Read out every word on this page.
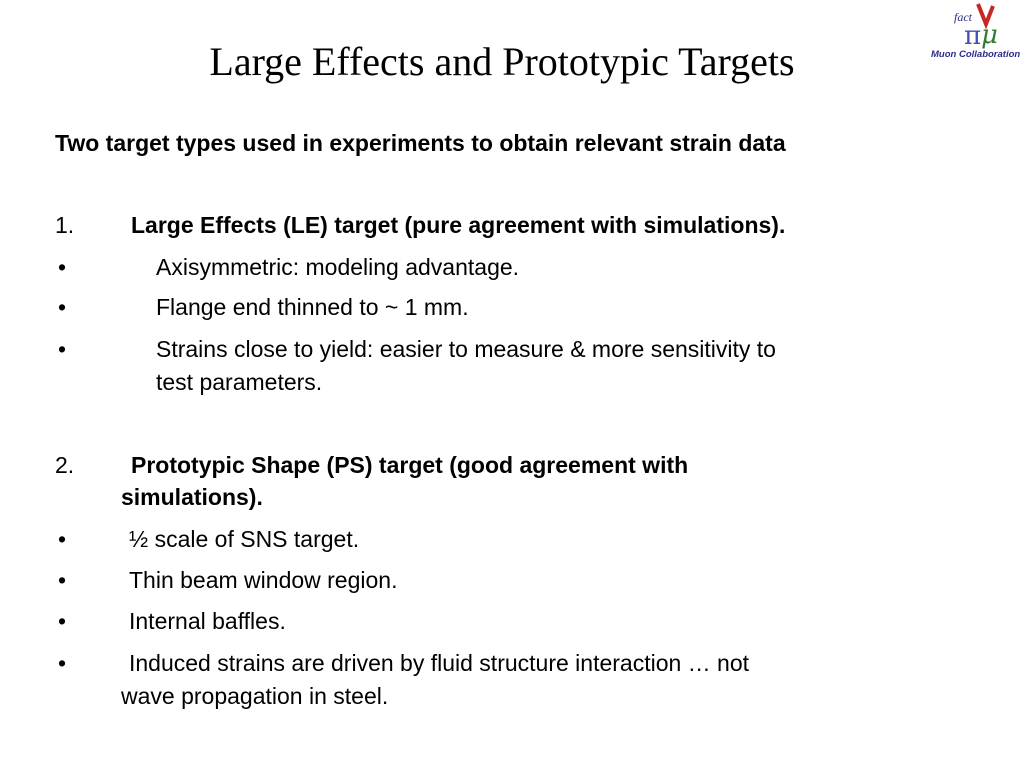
Large Effects and Prototypic Targets
fact
π μ
Muon Collaboration
Two target types used in experiments to obtain relevant strain data
1. Large Effects (LE) target (pure agreement with simulations).
•	Axisymmetric: modeling advantage.
•	Flange end thinned to ~ 1 mm.
•	Strains close to yield: easier to measure & more sensitivity to
test parameters.
2. Prototypic Shape (PS) target (good agreement with
simulations).
•	½ scale of SNS target.
•	Thin beam window region.
•	Internal baffles.
•	Induced strains are driven by fluid structure interaction … not
wave propagation in steel.
